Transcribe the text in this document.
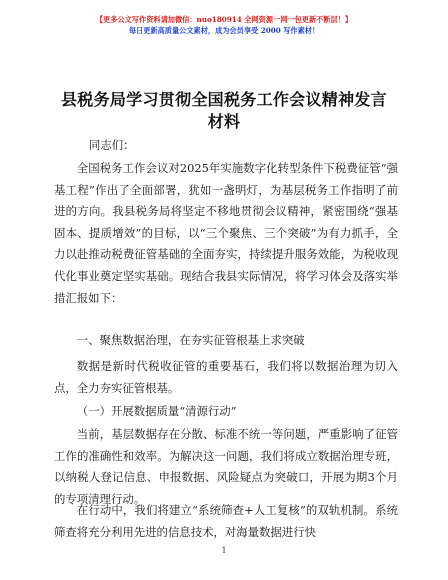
【更多公文写作资料请加微信：nuo180914 全网资源一网一包更新不断层！】
每日更新高质量公文素材，成为会员享受 2000 写作素材！
县税务局学习贯彻全国税务工作会议精神发言
材料
同志们：
全国税务工作会议对2025年实施数字化转型条件下税费征管“强基工程”作出了全面部署，犹如一盏明灯，为基层税务工作指明了前进的方向。我县税务局将坚定不移地贯彻会议精神，紧密围绕“强基固本、提质增效”的目标，以“三个聚焦、三个突破”为有力抓手，全力以赴推动税费征管基础的全面夯实，持续提升服务效能，为税收现代化事业奠定坚实基础。现结合我县实际情况，将学习体会及落实举措汇报如下：
一、聚焦数据治理，在夯实征管根基上求突破
数据是新时代税收征管的重要基石，我们将以数据治理为切入点，全力夯实征管根基。
（一）开展数据质量“清源行动”
当前，基层数据存在分散、标准不统一等问题，严重影响了征管工作的准确性和效率。为解决这一问题，我们将成立数据治理专班，以纳税人登记信息、申报数据、风险疑点为突破口，开展为期3个月的专项清理行动。
在行动中，我们将建立“系统筛查+人工复核”的双轨机制。系统筛查将充分利用先进的信息技术，对海量数据进行快
1
